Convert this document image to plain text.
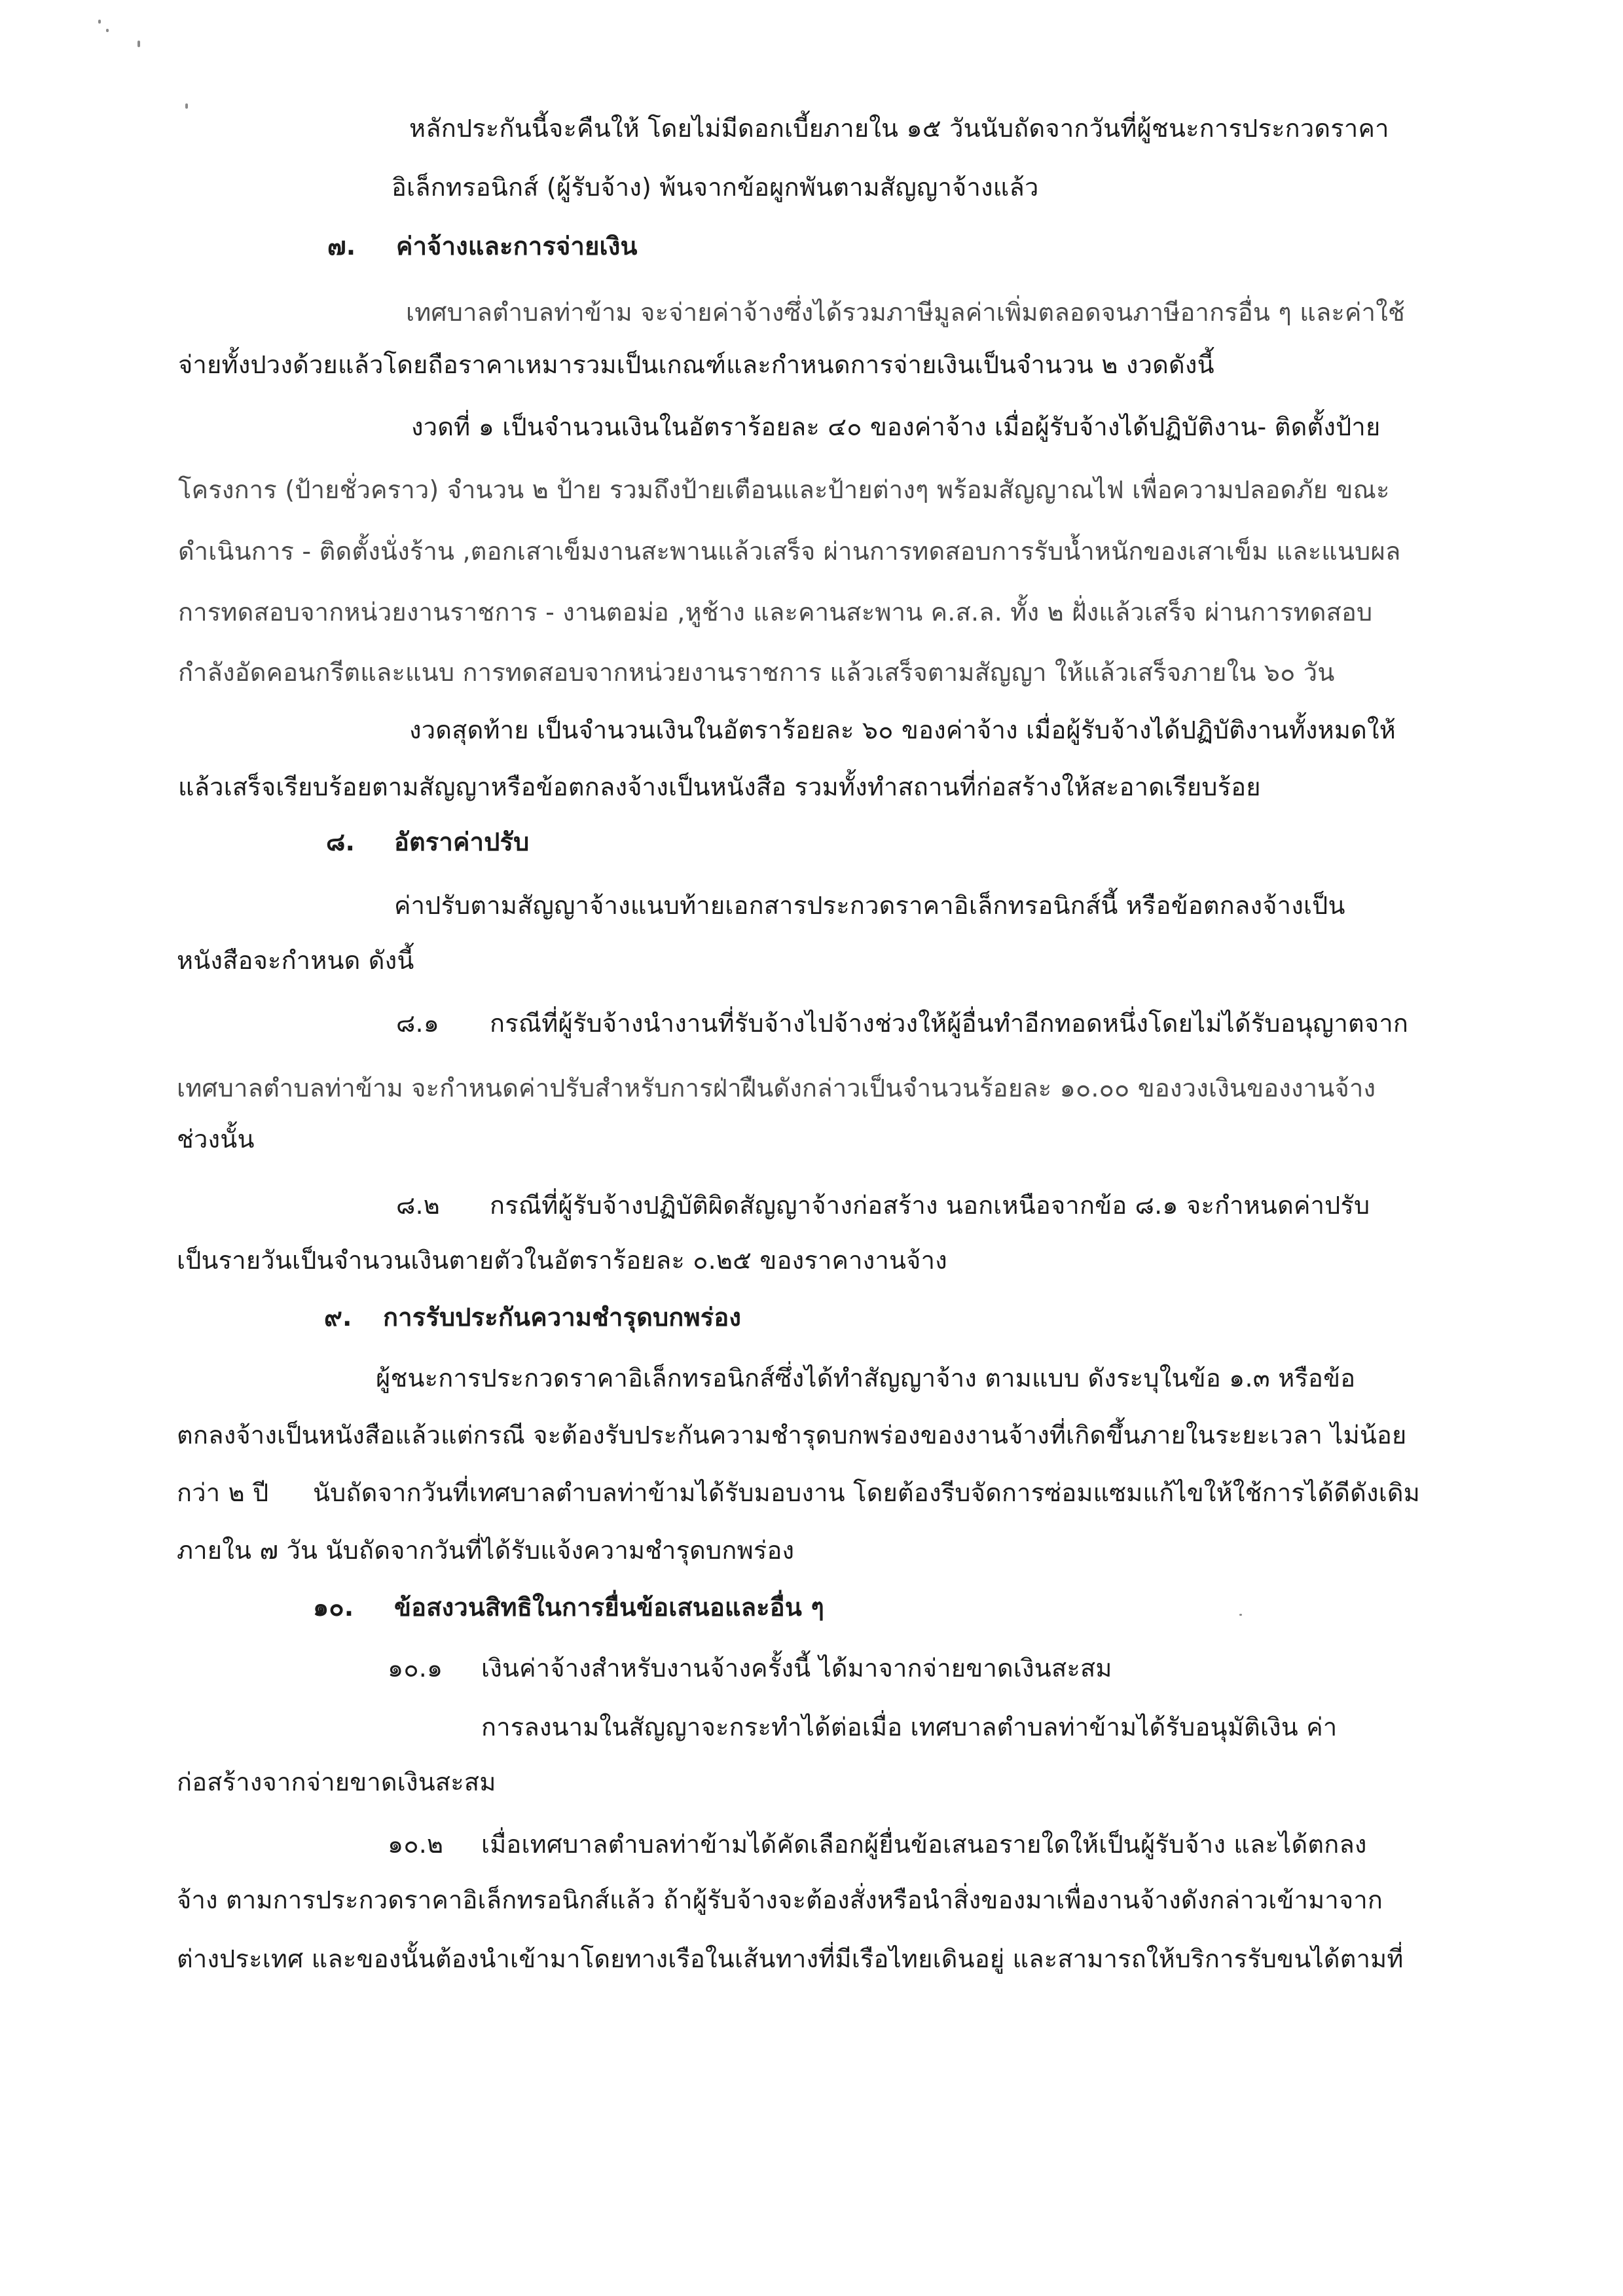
หลักประกันนี้จะคืนให้ โดยไม่มีดอกเบี้ยภายใน ๑๕ วันนับถัดจากวันที่ผู้ชนะการประกวดราคา

อิเล็กทรอนิกส์ (ผู้รับจ้าง) พ้นจากข้อผูกพันตามสัญญาจ้างแล้ว

๗. ค่าจ้างและการจ่ายเงิน

เทศบาลตำบลท่าข้าม จะจ่ายค่าจ้างซึ่งได้รวมภาษีมูลค่าเพิ่มตลอดจนภาษีอากรอื่น ๆ และค่าใช้

จ่ายทั้งปวงด้วยแล้วโดยถือราคาเหมารวมเป็นเกณฑ์และกำหนดการจ่ายเงินเป็นจำนวน ๒ งวดดังนี้

งวดที่ ๑ เป็นจำนวนเงินในอัตราร้อยละ ๔๐ ของค่าจ้าง เมื่อผู้รับจ้างได้ปฏิบัติงาน- ติดตั้งป้าย

โครงการ (ป้ายชั่วคราว) จำนวน ๒ ป้าย รวมถึงป้ายเตือนและป้ายต่างๆ พร้อมสัญญาณไฟ เพื่อความปลอดภัย ขณะ

ดำเนินการ - ติดตั้งนั่งร้าน ,ตอกเสาเข็มงานสะพานแล้วเสร็จ ผ่านการทดสอบการรับน้ำหนักของเสาเข็ม และแนบผล

การทดสอบจากหน่วยงานราชการ - งานตอม่อ ,หูช้าง และคานสะพาน ค.ส.ล. ทั้ง ๒ ฝั่งแล้วเสร็จ ผ่านการทดสอบ

กำลังอัดคอนกรีตและแนบ การทดสอบจากหน่วยงานราชการ แล้วเสร็จตามสัญญา ให้แล้วเสร็จภายใน ๖๐ วัน

งวดสุดท้าย เป็นจำนวนเงินในอัตราร้อยละ ๖๐ ของค่าจ้าง เมื่อผู้รับจ้างได้ปฏิบัติงานทั้งหมดให้

แล้วเสร็จเรียบร้อยตามสัญญาหรือข้อตกลงจ้างเป็นหนังสือ รวมทั้งทำสถานที่ก่อสร้างให้สะอาดเรียบร้อย

๘. อัตราค่าปรับ

ค่าปรับตามสัญญาจ้างแนบท้ายเอกสารประกวดราคาอิเล็กทรอนิกส์นี้ หรือข้อตกลงจ้างเป็น

หนังสือจะกำหนด ดังนี้

๘.๑ กรณีที่ผู้รับจ้างนำงานที่รับจ้างไปจ้างช่วงให้ผู้อื่นทำอีกทอดหนึ่งโดยไม่ได้รับอนุญาตจาก

เทศบาลตำบลท่าข้าม จะกำหนดค่าปรับสำหรับการฝ่าฝืนดังกล่าวเป็นจำนวนร้อยละ ๑๐.๐๐ ของวงเงินของงานจ้าง

ช่วงนั้น

๘.๒ กรณีที่ผู้รับจ้างปฏิบัติผิดสัญญาจ้างก่อสร้าง นอกเหนือจากข้อ ๘.๑ จะกำหนดค่าปรับ

เป็นรายวันเป็นจำนวนเงินตายตัวในอัตราร้อยละ ๐.๒๕ ของราคางานจ้าง

๙. การรับประกันความชำรุดบกพร่อง

ผู้ชนะการประกวดราคาอิเล็กทรอนิกส์ซึ่งได้ทำสัญญาจ้าง ตามแบบ ดังระบุในข้อ ๑.๓ หรือข้อ

ตกลงจ้างเป็นหนังสือแล้วแต่กรณี จะต้องรับประกันความชำรุดบกพร่องของงานจ้างที่เกิดขึ้นภายในระยะเวลา ไม่น้อย

กว่า ๒ ปี นับถัดจากวันที่เทศบาลตำบลท่าข้ามได้รับมอบงาน โดยต้องรีบจัดการซ่อมแซมแก้ไขให้ใช้การได้ดีดังเดิม

ภายใน ๗ วัน นับถัดจากวันที่ได้รับแจ้งความชำรุดบกพร่อง

๑๐. ข้อสงวนสิทธิในการยื่นข้อเสนอและอื่น ๆ

๑๐.๑ เงินค่าจ้างสำหรับงานจ้างครั้งนี้ ได้มาจากจ่ายขาดเงินสะสม

การลงนามในสัญญาจะกระทำได้ต่อเมื่อ เทศบาลตำบลท่าข้ามได้รับอนุมัติเงิน ค่า

ก่อสร้างจากจ่ายขาดเงินสะสม

๑๐.๒ เมื่อเทศบาลตำบลท่าข้ามได้คัดเลือกผู้ยื่นข้อเสนอรายใดให้เป็นผู้รับจ้าง และได้ตกลง

จ้าง ตามการประกวดราคาอิเล็กทรอนิกส์แล้ว ถ้าผู้รับจ้างจะต้องสั่งหรือนำสิ่งของมาเพื่องานจ้างดังกล่าวเข้ามาจาก

ต่างประเทศ และของนั้นต้องนำเข้ามาโดยทางเรือในเส้นทางที่มีเรือไทยเดินอยู่ และสามารถให้บริการรับขนได้ตามที่
